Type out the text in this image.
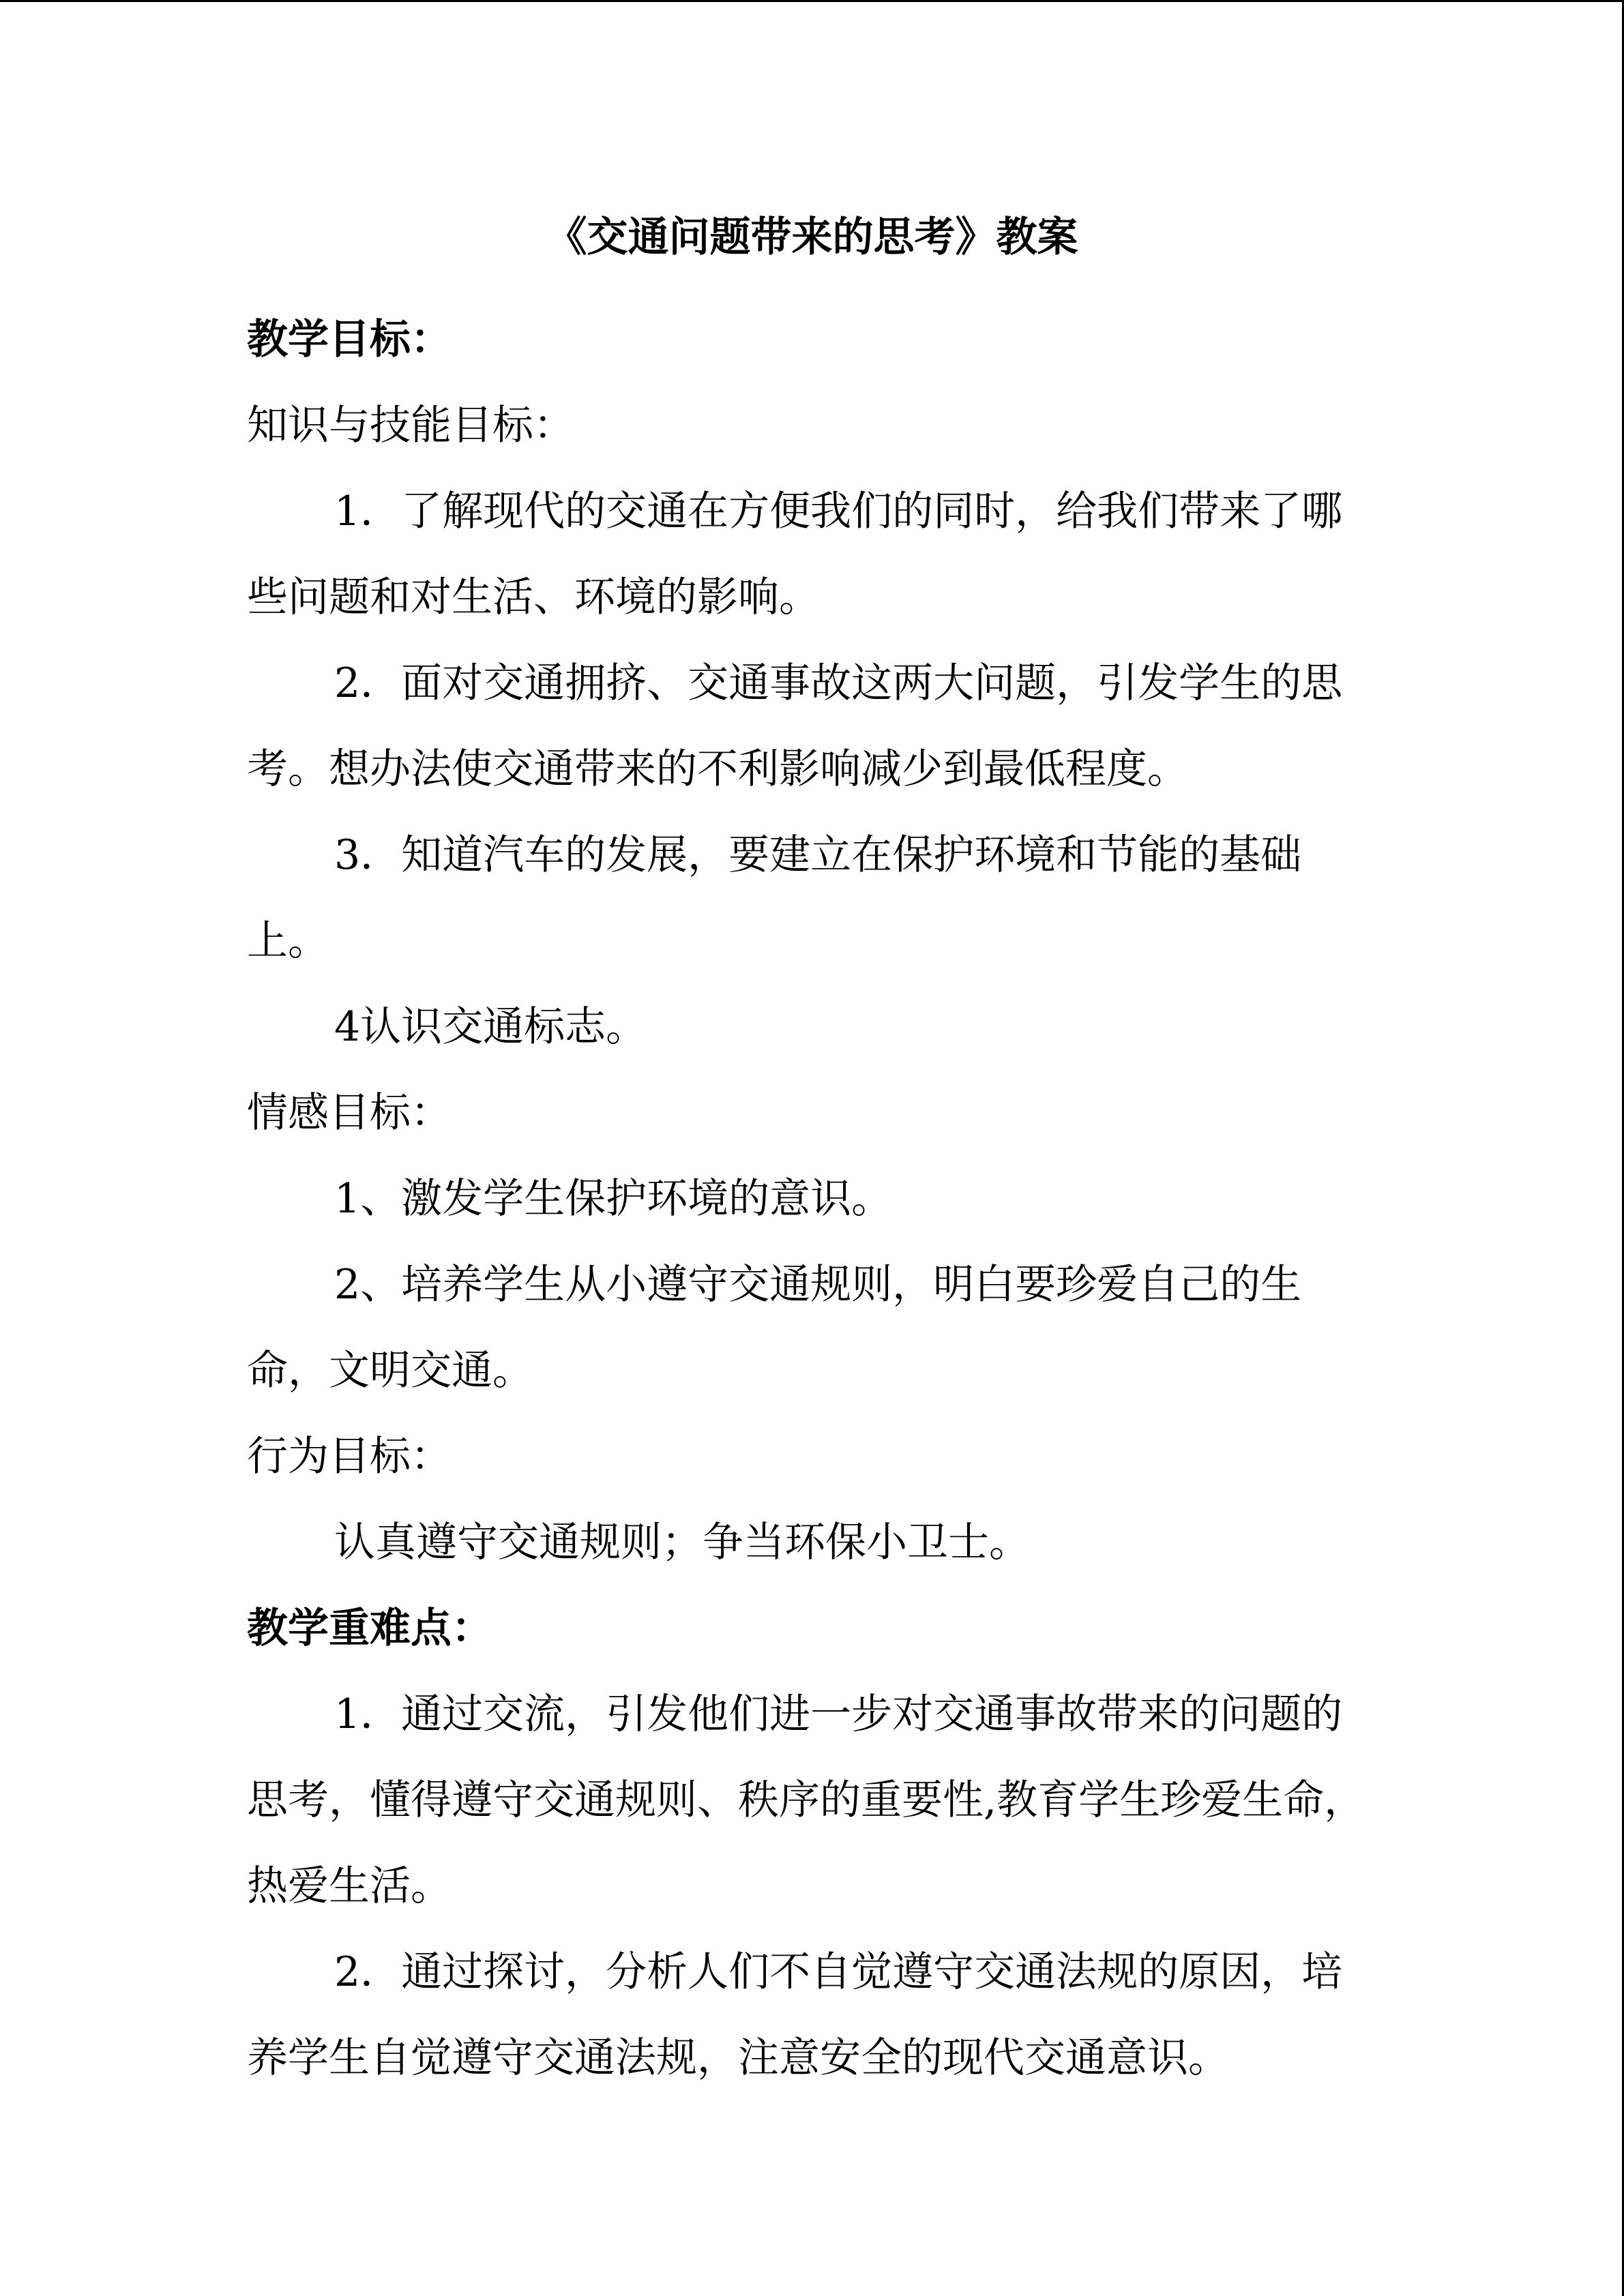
《交通问题带来的思考》教案

教学目标：

知识与技能目标：

1．了解现代的交通在方便我们的同时，给我们带来了哪些问题和对生活、环境的影响。

2．面对交通拥挤、交通事故这两大问题，引发学生的思考。想办法使交通带来的不利影响减少到最低程度。

3．知道汽车的发展，要建立在保护环境和节能的基础上。

4认识交通标志。

情感目标：

1、激发学生保护环境的意识。

2、培养学生从小遵守交通规则，明白要珍爱自己的生命，文明交通。

行为目标：

认真遵守交通规则；争当环保小卫士。

教学重难点：

1．通过交流，引发他们进一步对交通事故带来的问题的思考，懂得遵守交通规则、秩序的重要性,教育学生珍爱生命，热爱生活。

2．通过探讨，分析人们不自觉遵守交通法规的原因，培养学生自觉遵守交通法规，注意安全的现代交通意识。
